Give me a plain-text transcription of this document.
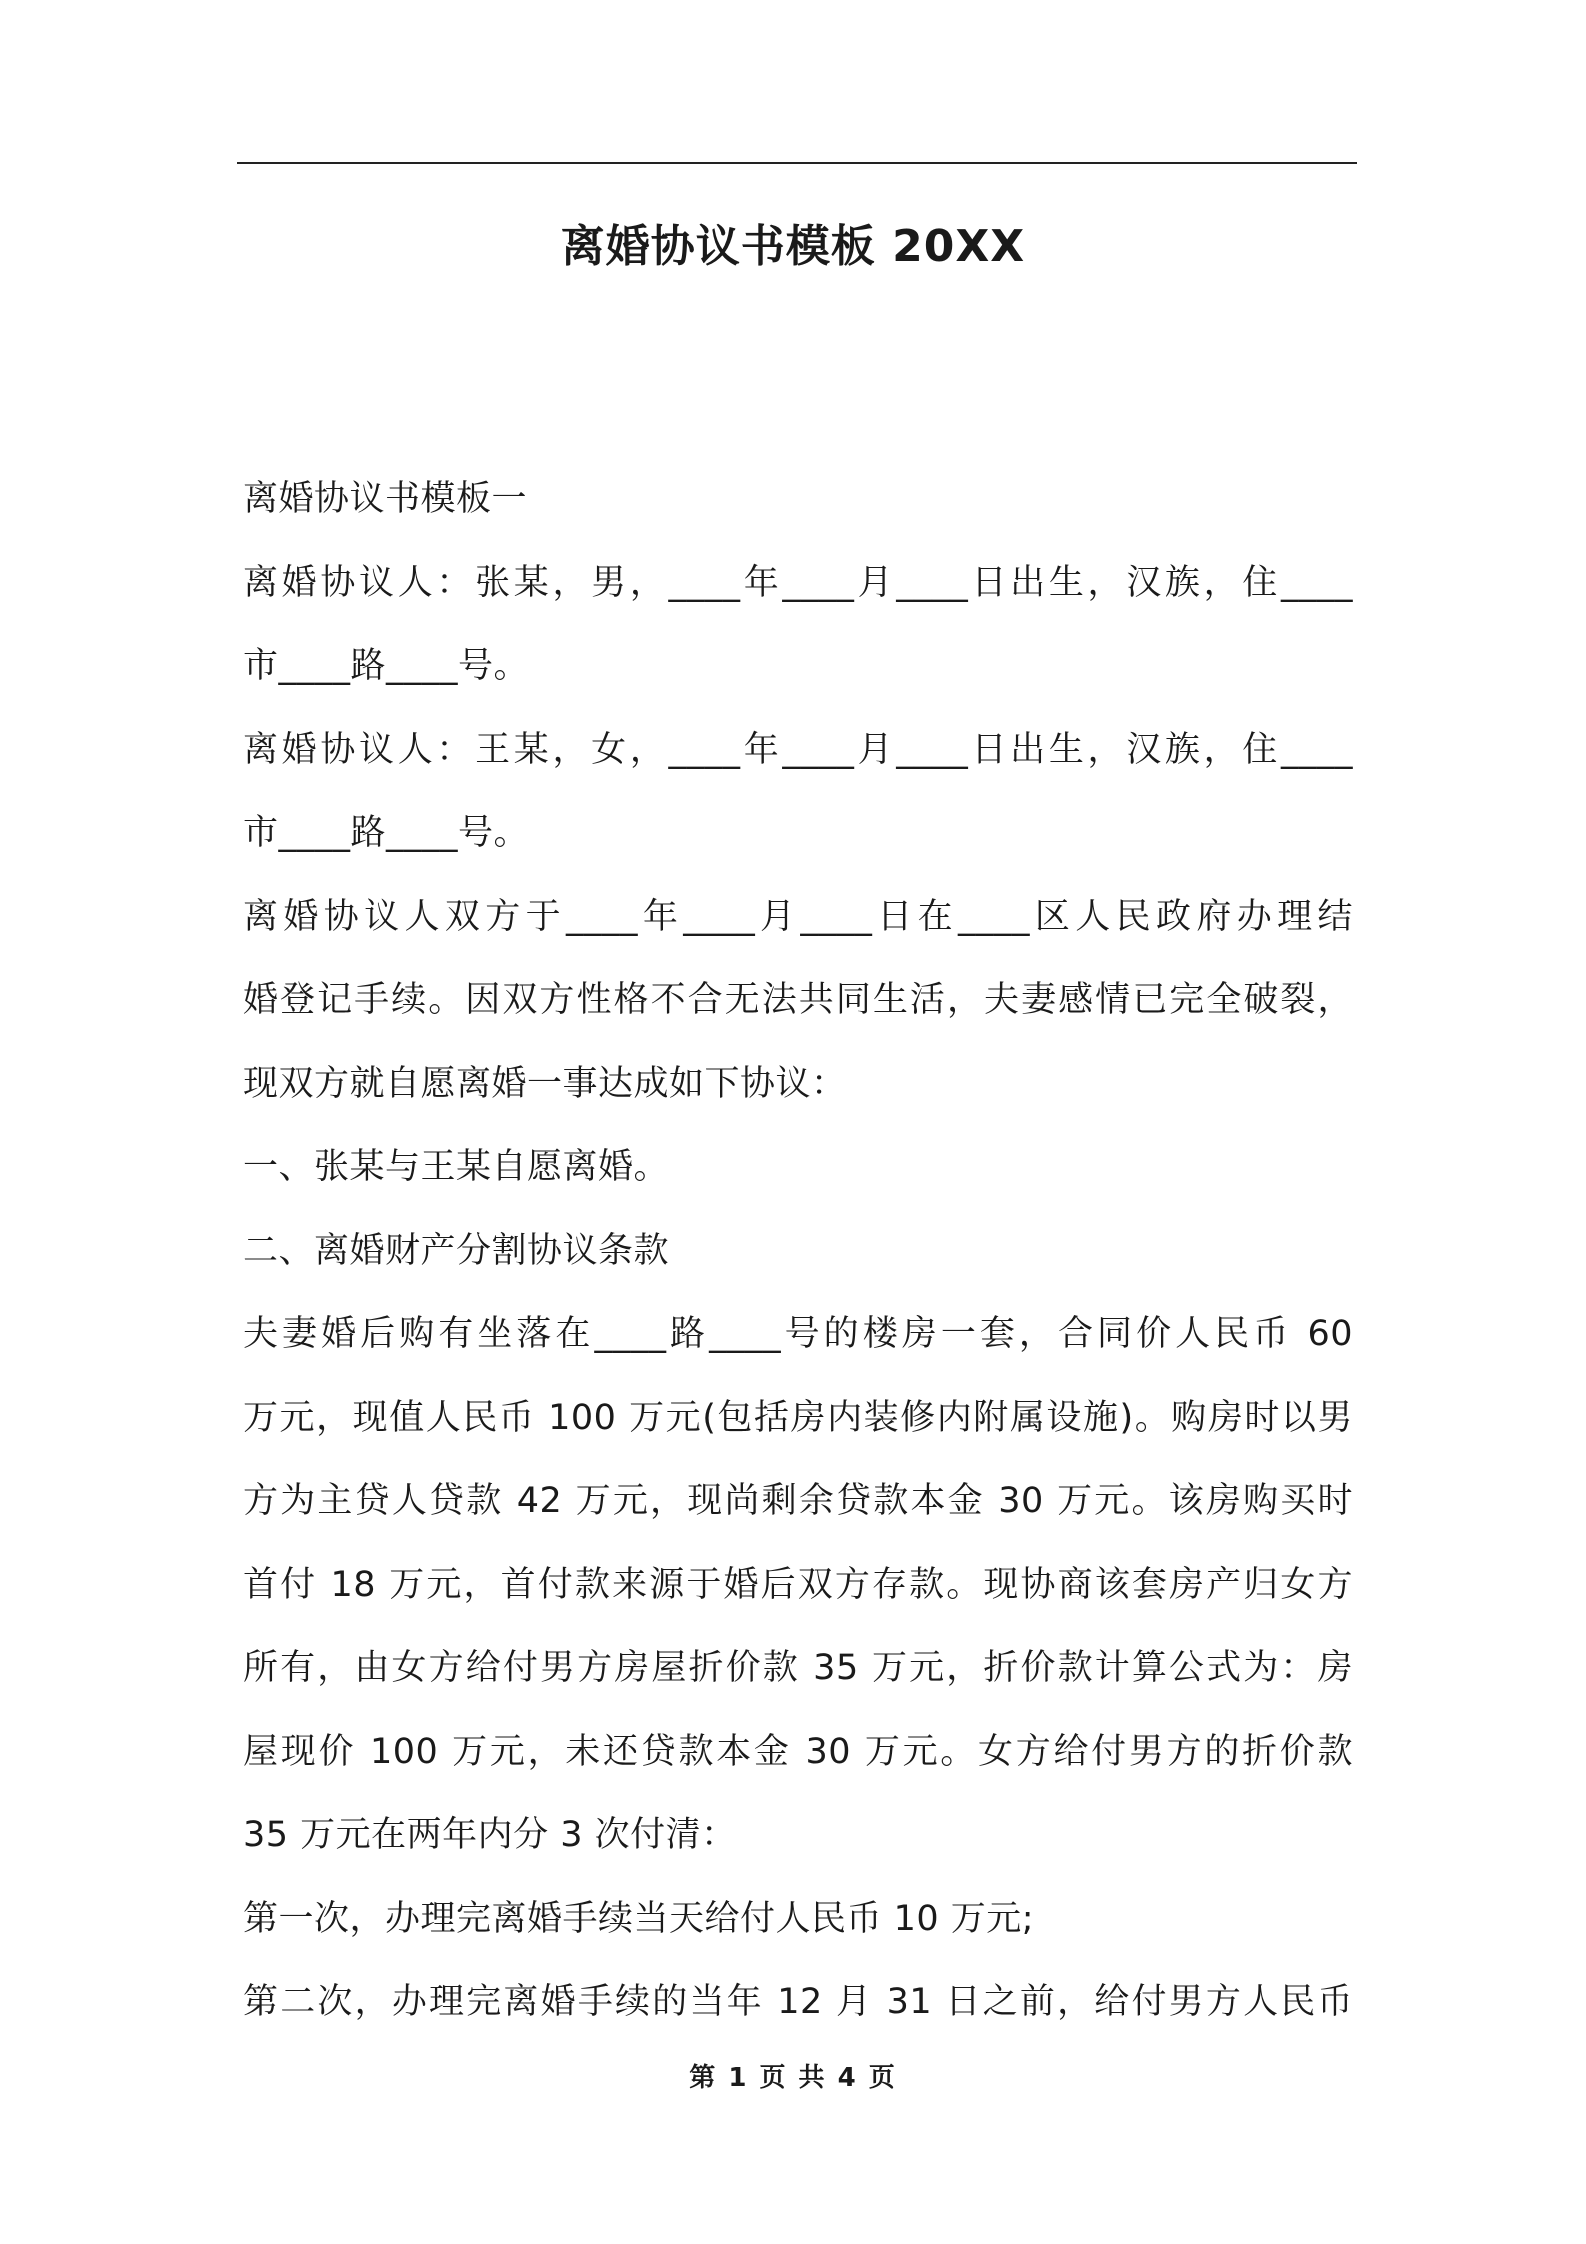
离婚协议书模板 20XX
离婚协议书模板一
离婚协议人：张某，男，____年____月____日出生，汉族，住____
市____路____号。
离婚协议人：王某，女，____年____月____日出生，汉族，住____
市____路____号。
离婚协议人双方于____年____月____日在____区人民政府办理结
婚登记手续。因双方性格不合无法共同生活，夫妻感情已完全破裂，
现双方就自愿离婚一事达成如下协议：
一、张某与王某自愿离婚。
二、离婚财产分割协议条款
夫妻婚后购有坐落在____路____号的楼房一套，合同价人民币 60
万元，现值人民币 100 万元(包括房内装修内附属设施)。购房时以男
方为主贷人贷款 42 万元，现尚剩余贷款本金 30 万元。该房购买时
首付 18 万元，首付款来源于婚后双方存款。现协商该套房产归女方
所有，由女方给付男方房屋折价款 35 万元，折价款计算公式为：房
屋现价 100 万元，未还贷款本金 30 万元。女方给付男方的折价款
35 万元在两年内分 3 次付清：
第一次，办理完离婚手续当天给付人民币 10 万元;
第二次，办理完离婚手续的当年 12 月 31 日之前，给付男方人民币
第 1 页 共 4 页
